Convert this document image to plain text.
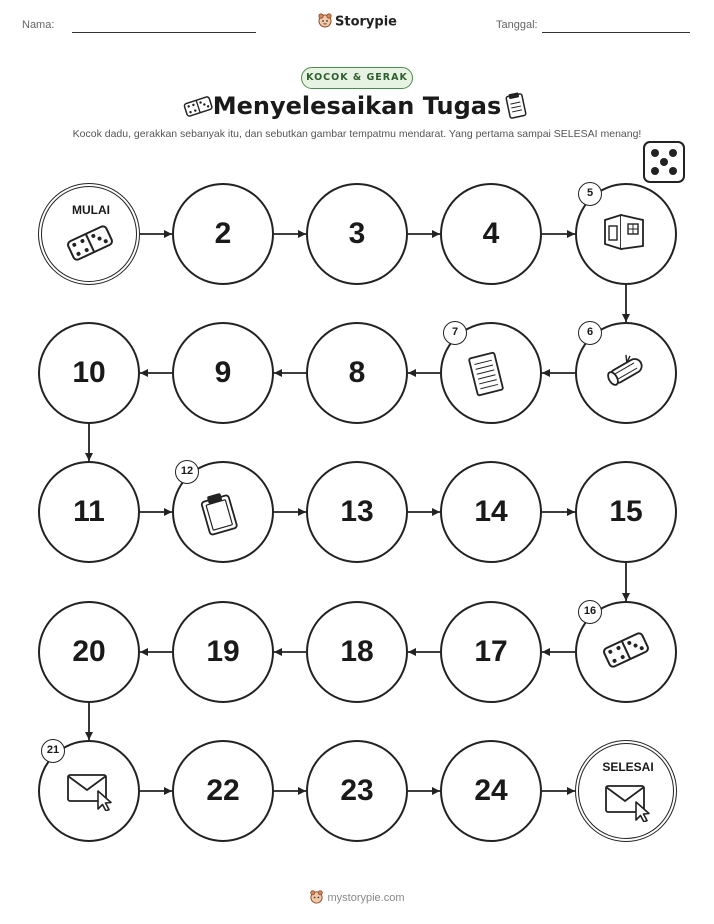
Nama:	Storypie	Tanggal:
KOCOK & GERAK
Menyelesaikan Tugas
Kocok dadu, gerakkan sebanyak itu, dan sebutkan gambar tempatmu mendarat. Yang pertama sampai SELESAI menang!
MULAI
2	3	4
5
6
7
8
9
10
11
12
13	14	15
16
17
18
19
20
21
22	23	24
SELESAI
mystorypie.com
